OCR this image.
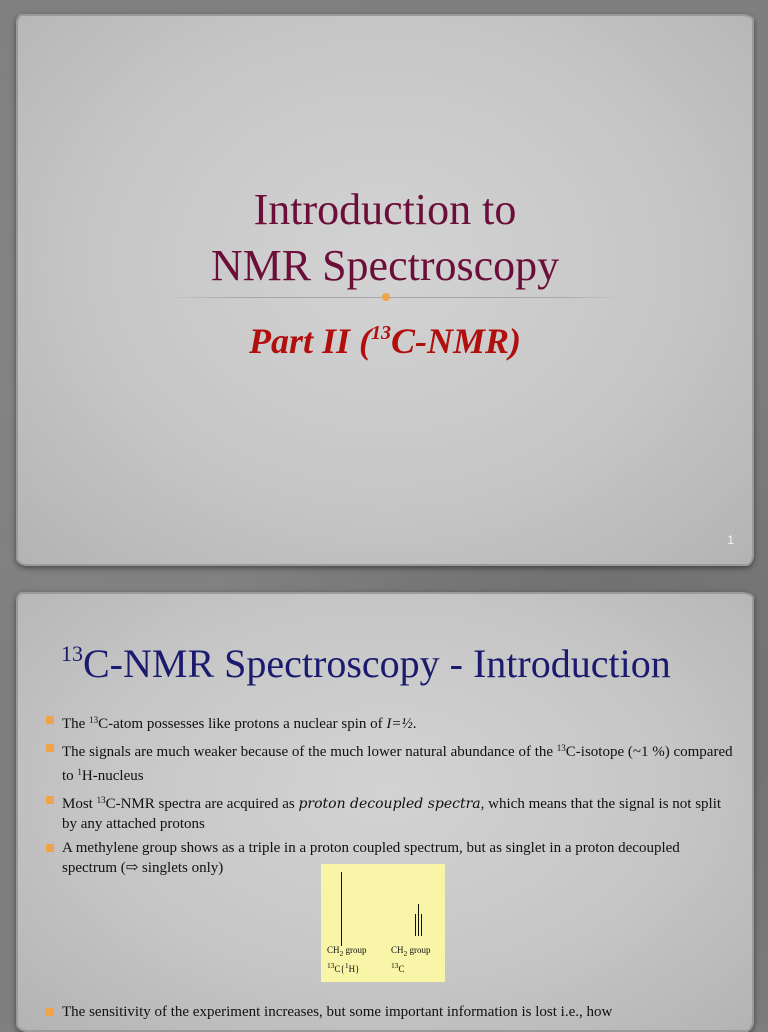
Introduction to
NMR Spectroscopy
Part II ($^{13}$C-NMR)
1
$^{13}$C-NMR Spectroscopy - Introduction
The $^{13}$C-atom possesses like protons a nuclear spin of I=½.
The signals are much weaker because of the much lower natural abundance of the $^{13}$C-isotope (~1 %) compared to $^1$H-nucleus
Most $^{13}$C-NMR spectra are acquired as proton decoupled spectra, which means that the signal is not split by any attached protons
A methylene group shows as a triple in a proton coupled spectrum, but as singlet in a proton decoupled spectrum (⇨ singlets only)
$CH_2$ group
$^{13}$C{$^1$H}
$CH_2$ group
$^{13}$C
The sensitivity of the experiment increases, but some important information is lost i.e., how
